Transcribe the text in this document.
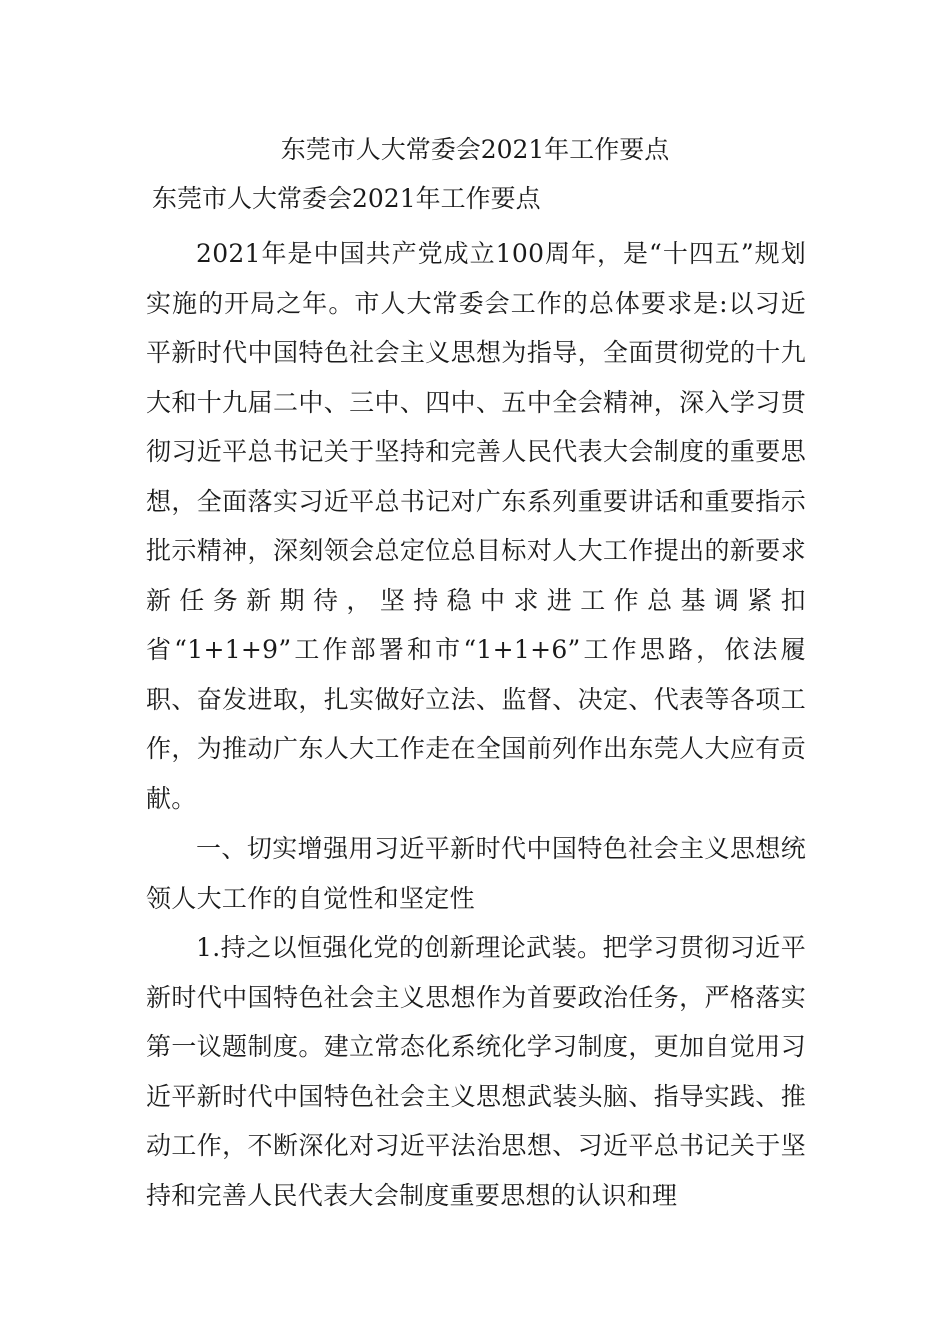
东莞市人大常委会2021年工作要点
东莞市人大常委会2021年工作要点

2021年是中国共产党成立100周年，是“十四五”规划实施的开局之年。市人大常委会工作的总体要求是:以习近平新时代中国特色社会主义思想为指导，全面贯彻党的十九大和十九届二中、三中、四中、五中全会精神，深入学习贯彻习近平总书记关于坚持和完善人民代表大会制度的重要思想，全面落实习近平总书记对广东系列重要讲话和重要指示批示精神，深刻领会总定位总目标对人大工作提出的新要求新任务新期待，坚持稳中求进工作总基调紧扣省“1+1+9”工作部署和市“1+1+6”工作思路，依法履职、奋发进取，扎实做好立法、监督、决定、代表等各项工作，为推动广东人大工作走在全国前列作出东莞人大应有贡献。

一、切实增强用习近平新时代中国特色社会主义思想统领人大工作的自觉性和坚定性

1.持之以恒强化党的创新理论武装。把学习贯彻习近平新时代中国特色社会主义思想作为首要政治任务，严格落实第一议题制度。建立常态化系统化学习制度，更加自觉用习近平新时代中国特色社会主义思想武装头脑、指导实践、推动工作，不断深化对习近平法治思想、习近平总书记关于坚持和完善人民代表大会制度重要思想的认识和理
